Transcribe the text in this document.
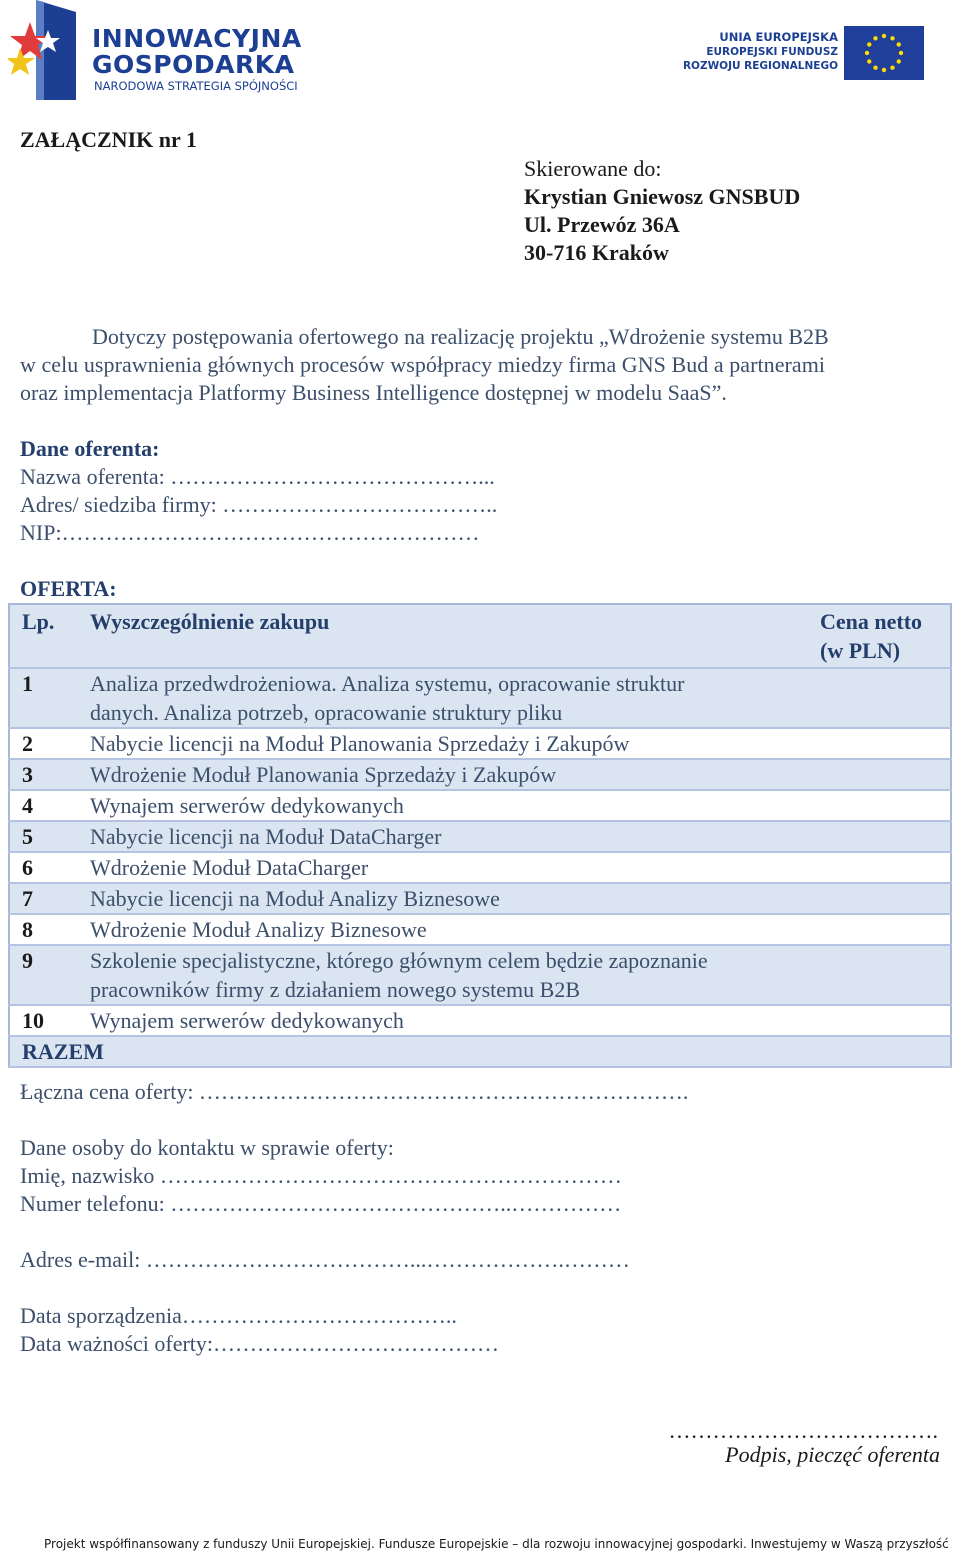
INNOWACYJNA
GOSPODARKA
NARODOWA STRATEGIA SPÓJNOŚCI
UNIA EUROPEJSKA
EUROPEJSKI FUNDUSZ
ROZWOJU REGIONALNEGO
ZAŁĄCZNIK nr 1
Skierowane do:
Krystian Gniewosz GNSBUD
Ul. Przewóz 36A
30-716 Kraków
Dotyczy postępowania ofertowego na realizację projektu „Wdrożenie systemu B2B
w celu usprawnienia głównych procesów współpracy miedzy firma GNS Bud a partnerami
oraz implementacja Platformy Business Intelligence dostępnej w modelu SaaS”.
Dane oferenta:
Nazwa oferenta: ……………………………………...
Adres/ siedziba firmy: ………………………………..
NIP:…………………………………………………
OFERTA:
Lp.	Wyszczególnienie zakupu	Cena netto
(w PLN)

1	Analiza przedwdrożeniowa. Analiza systemu, opracowanie struktur
danych. Analiza potrzeb, opracowanie struktury pliku	

2	Nabycie licencji na Moduł Planowania Sprzedaży i Zakupów	

3	Wdrożenie Moduł Planowania Sprzedaży i Zakupów	

4	Wynajem serwerów dedykowanych	

5	Nabycie licencji na Moduł DataCharger	

6	Wdrożenie Moduł DataCharger	

7	Nabycie licencji na Moduł Analizy Biznesowe	

8	Wdrożenie Moduł Analizy Biznesowe	

9	Szkolenie specjalistyczne, którego głównym celem będzie zapoznanie
pracowników firmy z działaniem nowego systemu B2B	

10	Wynajem serwerów dedykowanych	

RAZEM		
Łączna cena oferty: ………………………………………………………….
Dane osoby do kontaktu w sprawie oferty:
Imię, nazwisko ………………………………………………………
Numer telefonu: ………………………………………..……………
Adres e-mail: ………………………………...……………….………
Data sporządzenia………………………………..
Data ważności oferty:…………………………………
……………………………….
Podpis, pieczęć oferenta
Projekt współfinansowany z funduszy Unii Europejskiej. Fundusze Europejskie – dla rozwoju innowacyjnej gospodarki. Inwestujemy w Waszą przyszłość
